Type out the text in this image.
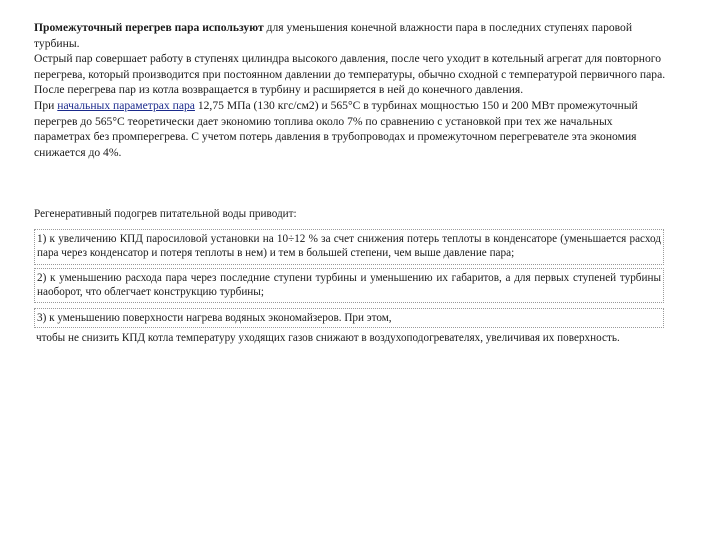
Промежуточный перегрев пара используют для уменьшения конечной влажности пара в последних ступенях паровой турбины.

Острый пар совершает работу в ступенях цилиндра высокого давления, после чего уходит в котельный агрегат для повторного перегрева, который производится при постоянном давлении до температуры, обычно сходной с температурой первичного пара. После перегрева пар из котла возвращается в турбину и расширяется в ней до конечного давления.

При начальных параметрах пара 12,75 МПа (130 кгс/см2) и 565°С в турбинах мощностью 150 и 200 МВт промежуточный перегрев до 565°С теоретически дает экономию топлива около 7% по сравнению с установкой при тех же начальных параметрах без промперегрева. С учетом потерь давления в трубопроводах и промежуточном перегревателе эта экономия снижается до 4%.

Регенеративный подогрев питательной воды приводит:

1) к увеличению КПД паросиловой установки на 10÷12 % за счет снижения потерь теплоты в конденсаторе (уменьшается расход пара через конденсатор и потеря теплоты в нем) и тем в большей степени, чем выше давление пара;

2) к уменьшению расхода пара через последние ступени турбины и уменьшению их габаритов, а для первых ступеней турбины наоборот, что облегчает конструкцию турбины;

3) к уменьшению поверхности нагрева водяных экономайзеров. При этом,

чтобы не снизить КПД котла температуру уходящих газов снижают в воздухоподогревателях, увеличивая их поверхность.
